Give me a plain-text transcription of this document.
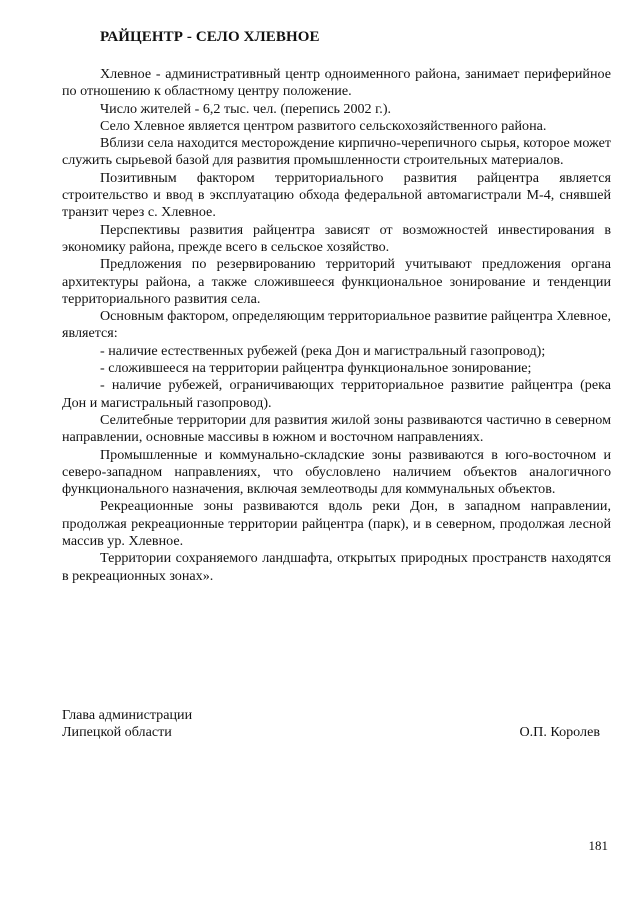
РАЙЦЕНТР - СЕЛО ХЛЕВНОЕ

Хлевное - административный центр одноименного района, занимает периферийное по отношению к областному центру положение.

Число жителей - 6,2 тыс. чел. (перепись 2002 г.).

Село Хлевное является центром развитого сельскохозяйственного района.

Вблизи села находится месторождение кирпично-черепичного сырья, которое может служить сырьевой базой для развития промышленности строительных материалов.

Позитивным фактором территориального развития райцентра является строительство и ввод в эксплуатацию обхода федеральной автомагистрали М-4, снявшей транзит через с. Хлевное.

Перспективы развития райцентра зависят от возможностей инвестирования в экономику района, прежде всего в сельское хозяйство.

Предложения по резервированию территорий учитывают предложения органа архитектуры района, а также сложившееся функциональное зонирование и тенденции территориального развития села.

Основным фактором, определяющим территориальное развитие райцентра Хлевное, является:

- наличие естественных рубежей (река Дон и магистральный газопровод);

- сложившееся на территории райцентра функциональное зонирование;

- наличие рубежей, ограничивающих территориальное развитие райцентра (река Дон и магистральный газопровод).

Селитебные территории для развития жилой зоны развиваются частично в северном направлении, основные массивы в южном и восточном направлениях.

Промышленные и коммунально-складские зоны развиваются в юго-восточном и северо-западном направлениях, что обусловлено наличием объектов аналогичного функционального назначения, включая землеотводы для коммунальных объектов.

Рекреационные зоны развиваются вдоль реки Дон, в западном направлении, продолжая рекреационные территории райцентра (парк), и в северном, продолжая лесной массив ур. Хлевное.

Территории сохраняемого ландшафта, открытых природных пространств находятся в рекреационных зонах».

Глава администрации
Липецкой области	О.П. Королев
181
